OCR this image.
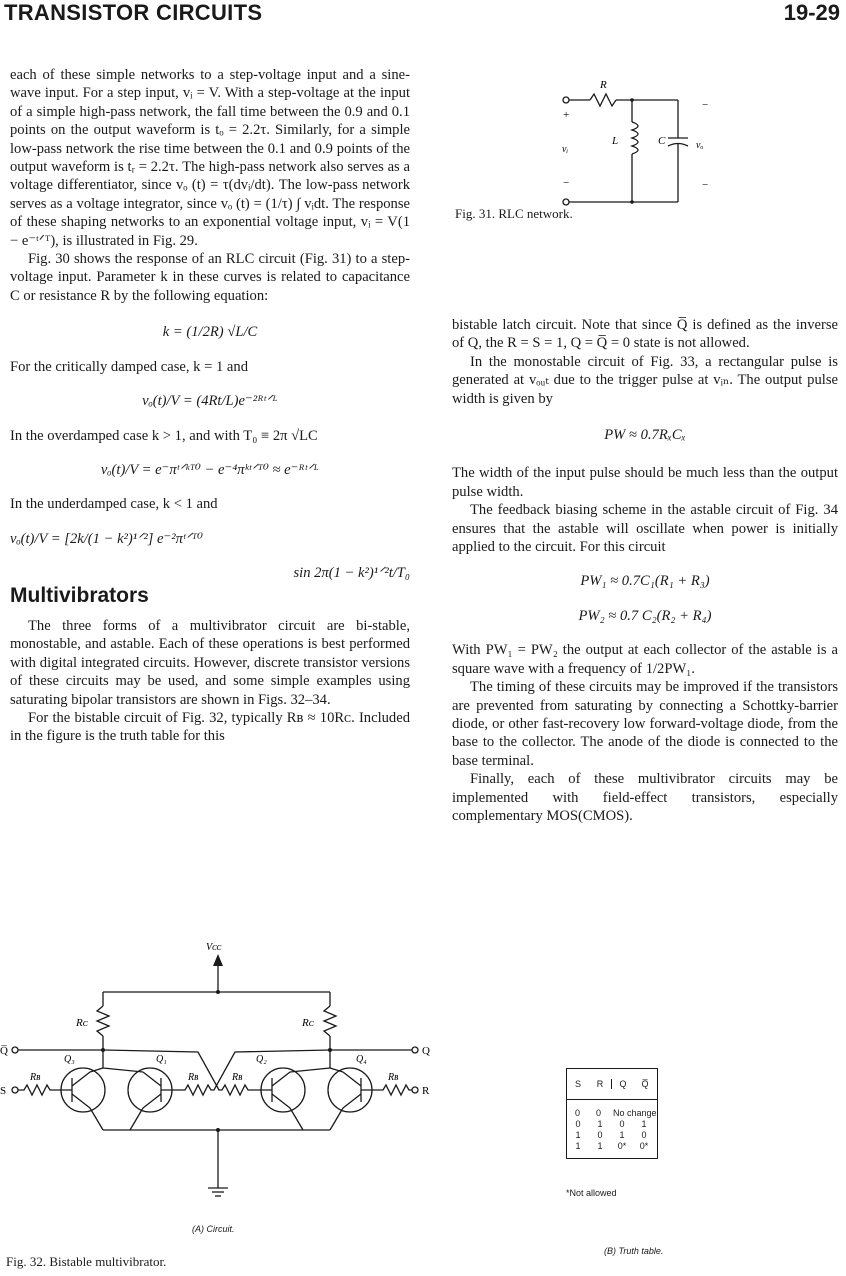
TRANSISTOR CIRCUITS	19-29

each of these simple networks to a step-voltage input and a sine-wave input. For a step input, vᵢ = V. With a step-voltage at the input of a simple high-pass network, the fall time between the 0.9 and 0.1 points on the output waveform is tₒ = 2.2τ. Similarly, for a simple low-pass network the rise time between the 0.1 and 0.9 points of the output waveform is tᵣ = 2.2τ. The high-pass network also serves as a voltage differentiator, since vₒ (t) = τ(dvᵢ/dt). The low-pass network serves as a voltage integrator, since vₒ (t) = (1/τ) ∫ vᵢdt. The response of these shaping networks to an exponential voltage input, vᵢ = V(1 − e⁻ᵗᐟᵀ), is illustrated in Fig. 29.

Fig. 30 shows the response of an RLC circuit (Fig. 31) to a step-voltage input. Parameter k in these curves is related to capacitance C or resistance R by the following equation:

k = (1/2R) √L/C

For the critically damped case, k = 1 and

vₒ(t)/V = (4Rt/L)e⁻²ᴿᵗᐟᴸ

In the overdamped case k > 1, and with T₀ ≡ 2π √LC

vₒ(t)/V = e⁻πᵗᐟᵏᵀ⁰ − e⁻⁴πᵏᵗᐟᵀ⁰ ≈ e⁻ᴿᵗᐟᴸ

In the underdamped case, k < 1 and

vₒ(t)/V = [2k/(1 − k²)¹ᐟ²] e⁻²πᵗᐟᵀ⁰

sin 2π(1 − k²)¹ᐟ²t/T₀

Multivibrators

The three forms of a multivibrator circuit are bi-stable, monostable, and astable. Each of these operations is best performed with digital integrated circuits. However, discrete transistor versions of these circuits may be used, and some simple examples using saturating bipolar transistors are shown in Figs. 32–34.

For the bistable circuit of Fig. 32, typically Rʙ ≈ 10Rᴄ. Included in the figure is the truth table for this

R
L	C
vᵢ	vₒ
+
−
−
−
Fig. 31. RLC network.

bistable latch circuit. Note that since Q̅ is defined as the inverse of Q, the R = S = 1, Q = Q̅ = 0 state is not allowed.

In the monostable circuit of Fig. 33, a rectangular pulse is generated at vₒᵤₜ due to the trigger pulse at vᵢₙ. The output pulse width is given by

PW ≈ 0.7RₓCₓ

The width of the input pulse should be much less than the output pulse width.

The feedback biasing scheme in the astable circuit of Fig. 34 ensures that the astable will oscillate when power is initially applied to the circuit. For this circuit

PW₁ ≈ 0.7C₁(R₁ + R₃)

PW₂ ≈ 0.7 C₂(R₂ + R₄)

With PW₁ = PW₂ the output at each collector of the astable is a square wave with a frequency of 1/2PW₁.

The timing of these circuits may be improved if the transistors are prevented from saturating by connecting a Schottky-barrier diode, or other fast-recovery low forward-voltage diode, from the base to the collector. The anode of the diode is connected to the base terminal.

Finally, each of these multivibrator circuits may be implemented with field-effect transistors, especially complementary MOS(CMOS).

Vᴄᴄ
Rᴄ	Rᴄ
Q̅	Q
S	R
Q₃	Q₁	Q₂	Q₄
Rʙ	Rʙ	Rʙ	Rʙ
(A) Circuit.
S	R	Q	Q̅
0	0	No change
0	1	0	1
1	0	1	0
1	1	0*	0*
*Not allowed
(B) Truth table.
Fig. 32. Bistable multivibrator.
